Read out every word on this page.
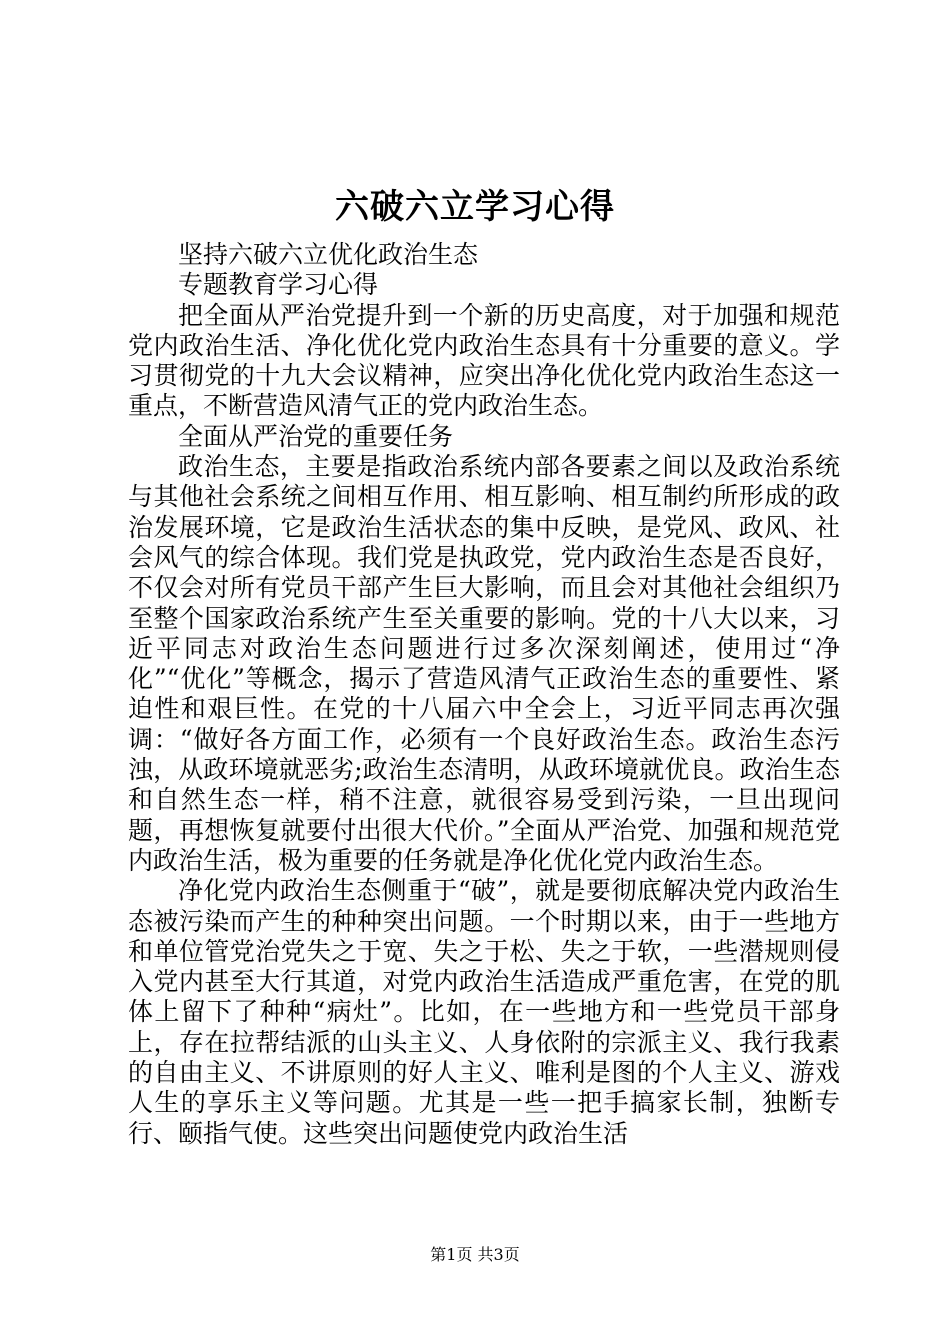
六破六立学习心得

坚持六破六立优化政治生态

专题教育学习心得

把全面从严治党提升到一个新的历史高度，对于加强和规范党内政治生活、净化优化党内政治生态具有十分重要的意义。学习贯彻党的十九大会议精神，应突出净化优化党内政治生态这一重点，不断营造风清气正的党内政治生态。

全面从严治党的重要任务

政治生态，主要是指政治系统内部各要素之间以及政治系统与其他社会系统之间相互作用、相互影响、相互制约所形成的政治发展环境，它是政治生活状态的集中反映，是党风、政风、社会风气的综合体现。我们党是执政党，党内政治生态是否良好，不仅会对所有党员干部产生巨大影响，而且会对其他社会组织乃至整个国家政治系统产生至关重要的影响。党的十八大以来，习近平同志对政治生态问题进行过多次深刻阐述，使用过“净化”“优化”等概念，揭示了营造风清气正政治生态的重要性、紧迫性和艰巨性。在党的十八届六中全会上，习近平同志再次强调：“做好各方面工作，必须有一个良好政治生态。政治生态污浊，从政环境就恶劣;政治生态清明，从政环境就优良。政治生态和自然生态一样，稍不注意，就很容易受到污染，一旦出现问题，再想恢复就要付出很大代价。”全面从严治党、加强和规范党内政治生活，极为重要的任务就是净化优化党内政治生态。

净化党内政治生态侧重于“破”，就是要彻底解决党内政治生态被污染而产生的种种突出问题。一个时期以来，由于一些地方和单位管党治党失之于宽、失之于松、失之于软，一些潜规则侵入党内甚至大行其道，对党内政治生活造成严重危害，在党的肌体上留下了种种“病灶”。比如，在一些地方和一些党员干部身上，存在拉帮结派的山头主义、人身依附的宗派主义、我行我素的自由主义、不讲原则的好人主义、唯利是图的个人主义、游戏人生的享乐主义等问题。尤其是一些一把手搞家长制，独断专行、颐指气使。这些突出问题使党内政治生活

第1页 共3页
